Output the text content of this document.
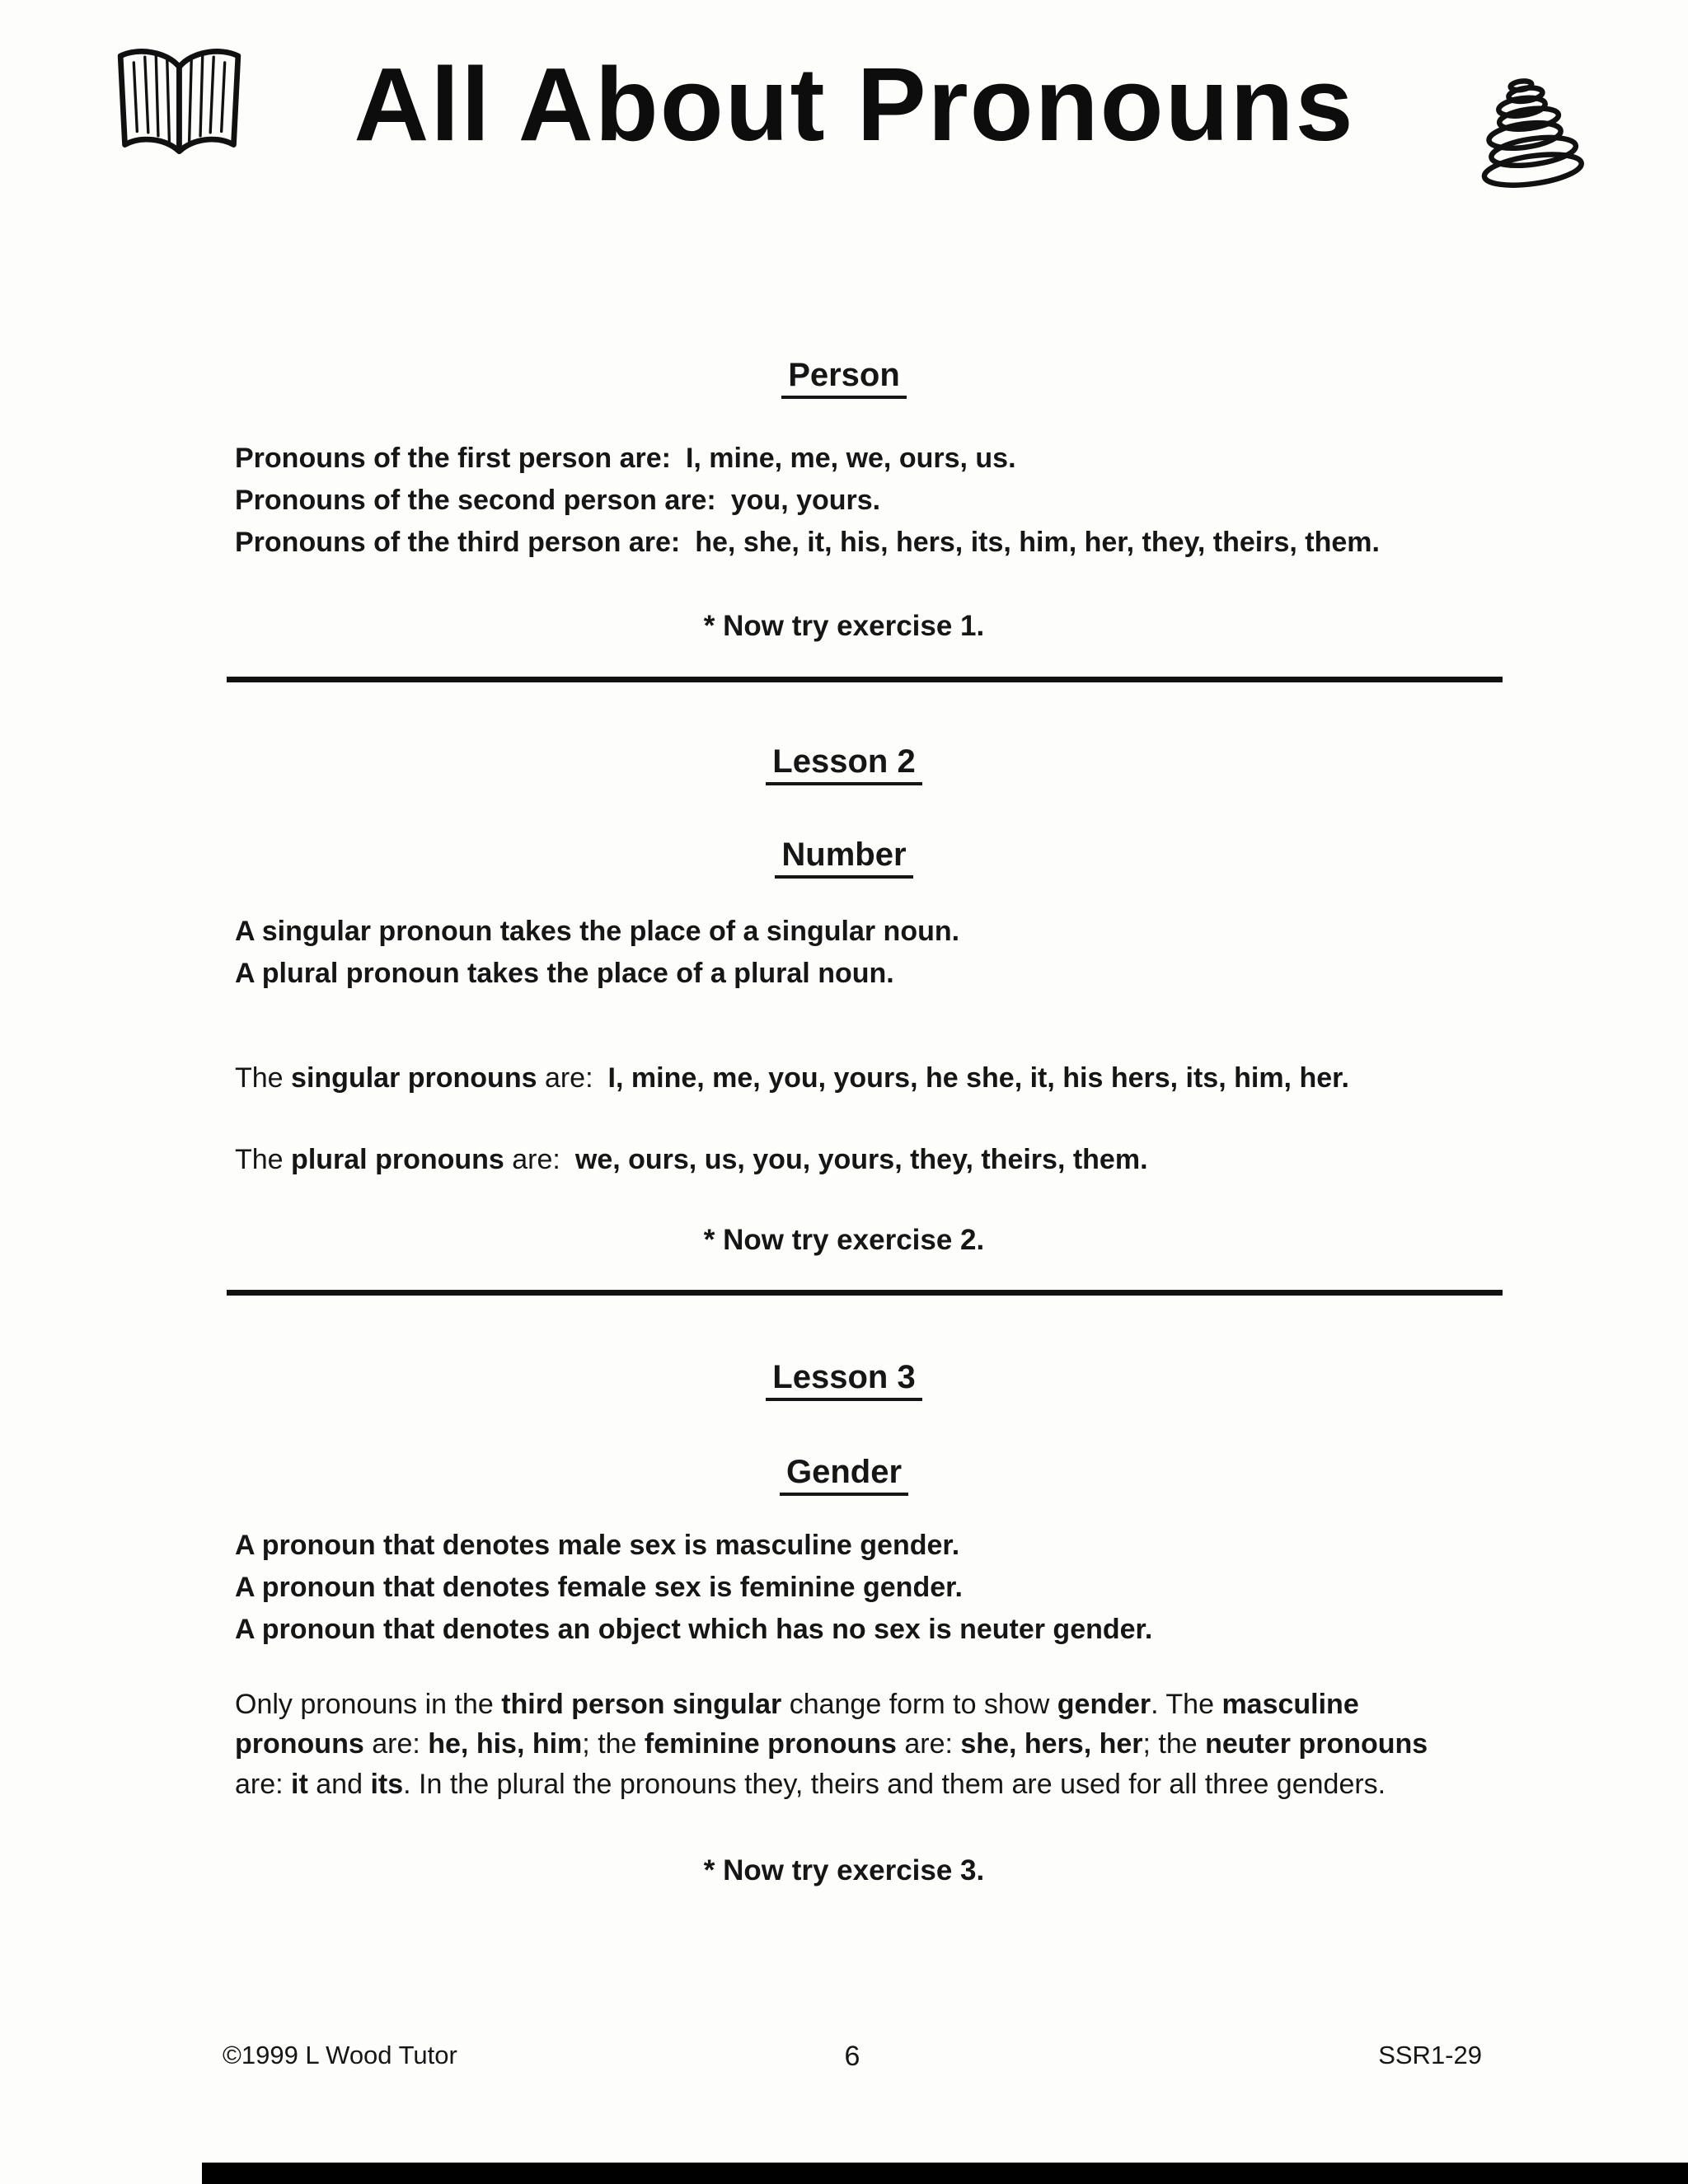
All About Pronouns
Person
Pronouns of the first person are: I, mine, me, we, ours, us.
Pronouns of the second person are: you, yours.
Pronouns of the third person are: he, she, it, his, hers, its, him, her, they, theirs, them.

* Now try exercise 1.

Lesson 2
Number
A singular pronoun takes the place of a singular noun.
A plural pronoun takes the place of a plural noun.
The singular pronouns are: I, mine, me, you, yours, he she, it, his hers, its, him, her.
The plural pronouns are: we, ours, us, you, yours, they, theirs, them.

* Now try exercise 2.

Lesson 3
Gender
A pronoun that denotes male sex is masculine gender.
A pronoun that denotes female sex is feminine gender.
A pronoun that denotes an object which has no sex is neuter gender.

Only pronouns in the third person singular change form to show gender. The masculine pronouns are: he, his, him; the feminine pronouns are: she, hers, her; the neuter pronouns are: it and its. In the plural the pronouns they, theirs and them are used for all three genders.

* Now try exercise 3.

©1999 L Wood Tutor	6	SSR1-29
